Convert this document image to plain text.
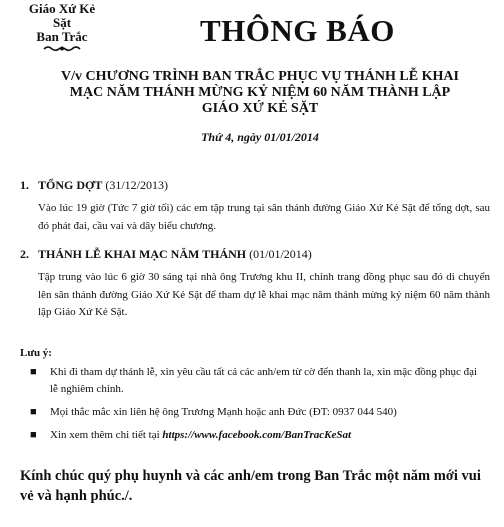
Giáo Xứ Kẻ Sặt
Ban Trắc	THÔNG BÁO
V/v CHƯƠNG TRÌNH BAN TRẮC PHỤC VỤ THÁNH LỄ KHAI
MẠC NĂM THÁNH MỪNG KỶ NIỆM 60 NĂM THÀNH LẬP
GIÁO XỨ KẺ SẶT
Thứ 4, ngày 01/01/2014
1. TỔNG DỢT (31/12/2013)

Vào lúc 19 giờ (Tức 7 giờ tối) các em tập trung tại sân thánh đường Giáo Xứ Kẻ Sặt để tổng dợt, sau đó phát đai, cầu vai và dây biểu chương.

2. THÁNH LỄ KHAI MẠC NĂM THÁNH (01/01/2014)

Tập trung vào lúc 6 giờ 30 sáng tại nhà ông Trương khu II, chỉnh trang đồng phục sau đó di chuyển lên sân thánh đường Giáo Xứ Kẻ Sặt để tham dự lễ khai mạc năm thánh mừng kỷ niệm 60 năm thành lập Giáo Xứ Kẻ Sặt.

Lưu ý:
■ Khi đi tham dự thánh lễ, xin yêu cầu tất cả các anh/em từ cờ đến thanh la, xin mặc đồng phục đại lễ nghiêm chỉnh.
■ Mọi thắc mắc xin liên hệ ông Trương Mạnh hoặc anh Đức (ĐT: 0937 044 540)
■ Xin xem thêm chi tiết tại https://www.facebook.com/BanTracKeSat
Kính chúc quý phụ huynh và các anh/em trong Ban Trắc một năm mới vui vẻ và hạnh phúc./.
